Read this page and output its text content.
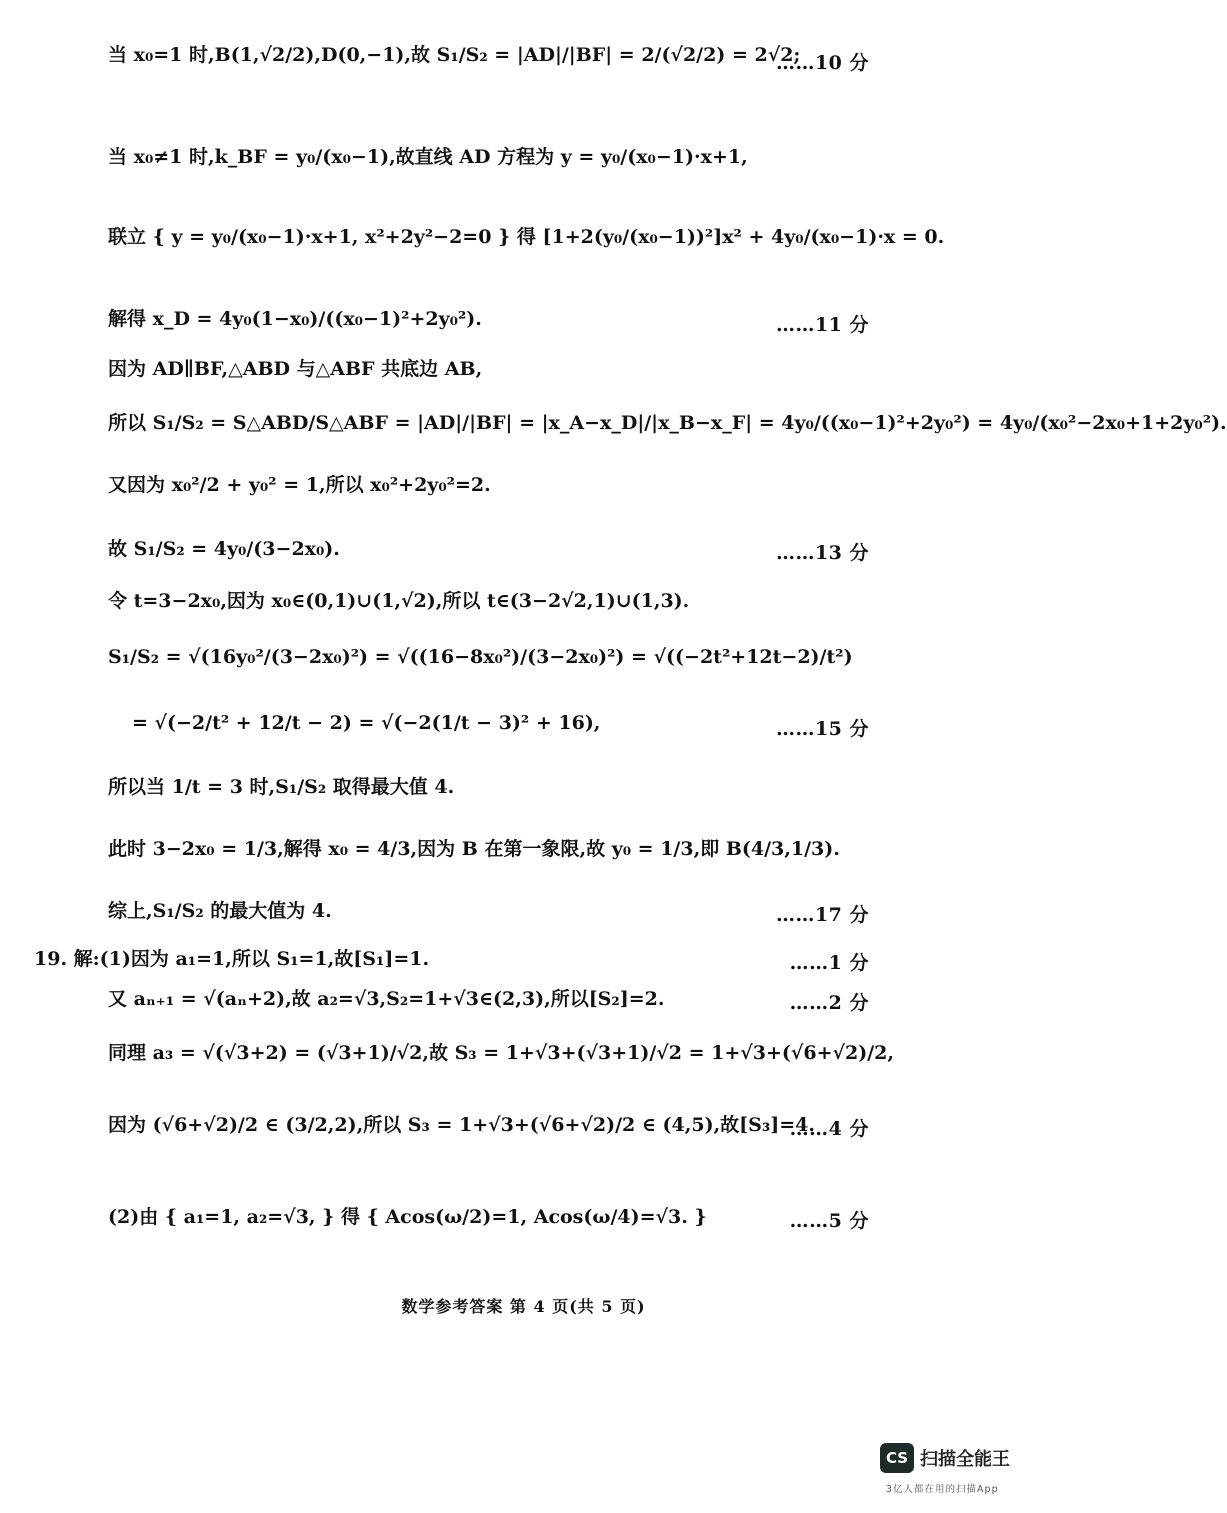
当 x₀=1 时,B(1,√2/2),D(0,−1),故 S₁/S₂ = |AD|/|BF| = 2/(√2/2) = 2√2;
……10 分
当 x₀≠1 时,k_BF = y₀/(x₀−1),故直线 AD 方程为 y = y₀/(x₀−1)·x+1,
联立 { y = y₀/(x₀−1)·x+1, x²+2y²−2=0 } 得 [1+2(y₀/(x₀−1))²]x² + 4y₀/(x₀−1)·x = 0.
解得 x_D = 4y₀(1−x₀)/((x₀−1)²+2y₀²).	……11 分
因为 AD∥BF,△ABD 与△ABF 共底边 AB,
所以 S₁/S₂ = S△ABD/S△ABF = |AD|/|BF| = |x_A−x_D|/|x_B−x_F| = 4y₀/((x₀−1)²+2y₀²) = 4y₀/(x₀²−2x₀+1+2y₀²).
又因为 x₀²/2 + y₀² = 1,所以 x₀²+2y₀²=2.
故 S₁/S₂ = 4y₀/(3−2x₀).	……13 分
令 t=3−2x₀,因为 x₀∈(0,1)∪(1,√2),所以 t∈(3−2√2,1)∪(1,3).
S₁/S₂ = √(16y₀²/(3−2x₀)²) = √((16−8x₀²)/(3−2x₀)²) = √((−2t²+12t−2)/t²)
= √(−2/t² + 12/t − 2) = √(−2(1/t − 3)² + 16),	……15 分
所以当 1/t = 3 时,S₁/S₂ 取得最大值 4.
此时 3−2x₀ = 1/3,解得 x₀ = 4/3,因为 B 在第一象限,故 y₀ = 1/3,即 B(4/3,1/3).
综上,S₁/S₂ 的最大值为 4.	……17 分
19. 解:(1)因为 a₁=1,所以 S₁=1,故[S₁]=1.	……1 分
又 aₙ₊₁ = √(aₙ+2),故 a₂=√3,S₂=1+√3∈(2,3),所以[S₂]=2.	……2 分
同理 a₃ = √(√3+2) = (√3+1)/√2,故 S₃ = 1+√3+(√3+1)/√2 = 1+√3+(√6+√2)/2,
因为 (√6+√2)/2 ∈ (3/2,2),所以 S₃ = 1+√3+(√6+√2)/2 ∈ (4,5),故[S₃]=4.
……4 分
(2)由 { a₁=1, a₂=√3, } 得 { Acos(ω/2)=1, Acos(ω/4)=√3. }	……5 分
数学参考答案 第 4 页(共 5 页)
CS 扫描全能王
3亿人都在用的扫描App
